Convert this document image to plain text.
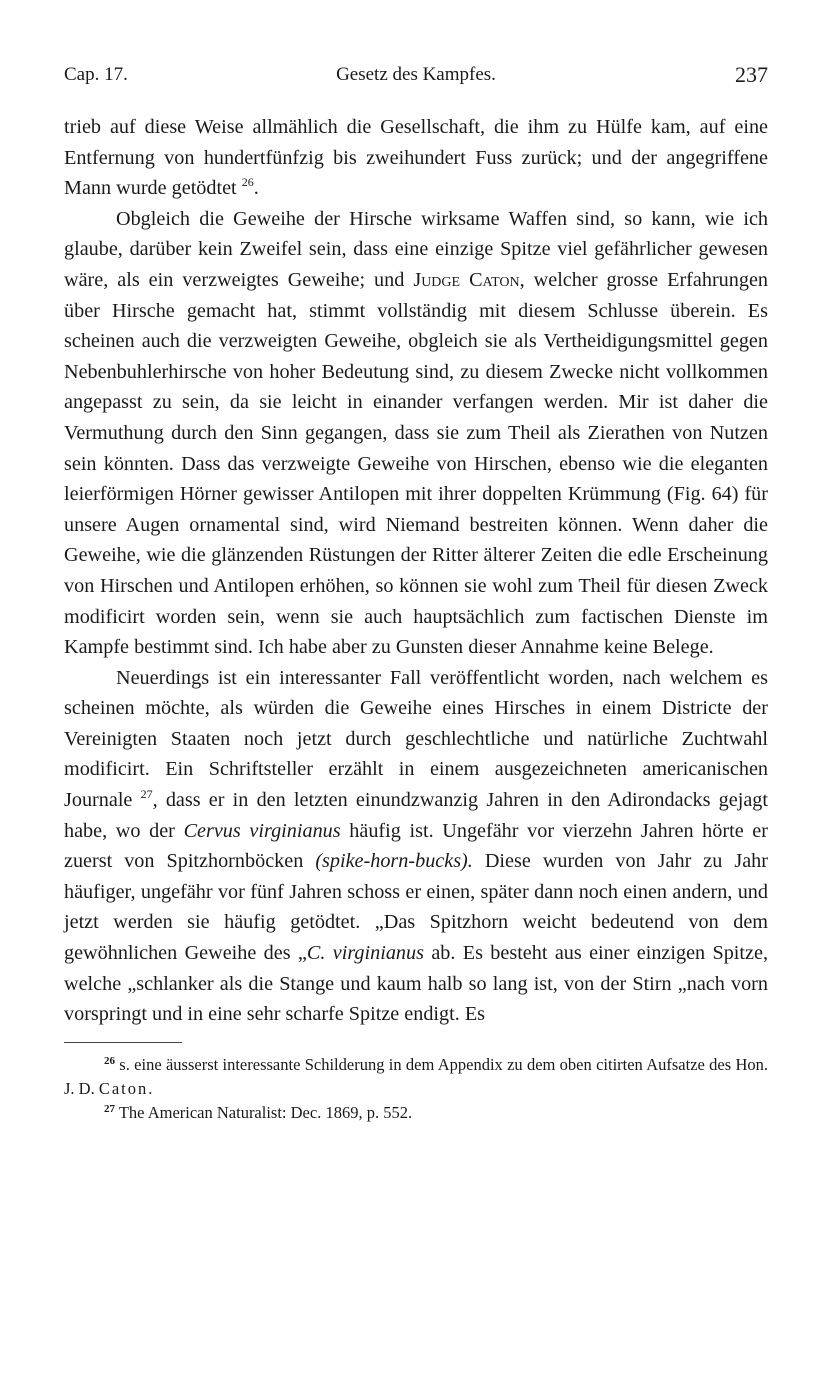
Cap. 17.	Gesetz des Kampfes.	237

trieb auf diese Weise allmählich die Gesellschaft, die ihm zu Hülfe kam, auf eine Entfernung von hundertfünfzig bis zweihundert Fuss zurück; und der angegriffene Mann wurde getödtet $^{26}$.

Obgleich die Geweihe der Hirsche wirksame Waffen sind, so kann, wie ich glaube, darüber kein Zweifel sein, dass eine einzige Spitze viel gefährlicher gewesen wäre, als ein verzweigtes Geweihe; und Judge Caton, welcher grosse Erfahrungen über Hirsche gemacht hat, stimmt vollständig mit diesem Schlusse überein. Es scheinen auch die verzweigten Geweihe, obgleich sie als Vertheidigungsmittel gegen Nebenbuhlerhirsche von hoher Bedeutung sind, zu diesem Zwecke nicht vollkommen angepasst zu sein, da sie leicht in einander verfangen werden. Mir ist daher die Vermuthung durch den Sinn gegangen, dass sie zum Theil als Zierathen von Nutzen sein könnten. Dass das verzweigte Geweihe von Hirschen, ebenso wie die eleganten leierförmigen Hörner gewisser Antilopen mit ihrer doppelten Krümmung (Fig. 64) für unsere Augen ornamental sind, wird Niemand bestreiten können. Wenn daher die Geweihe, wie die glänzenden Rüstungen der Ritter älterer Zeiten die edle Erscheinung von Hirschen und Antilopen erhöhen, so können sie wohl zum Theil für diesen Zweck modificirt worden sein, wenn sie auch hauptsächlich zum factischen Dienste im Kampfe bestimmt sind. Ich habe aber zu Gunsten dieser Annahme keine Belege.

Neuerdings ist ein interessanter Fall veröffentlicht worden, nach welchem es scheinen möchte, als würden die Geweihe eines Hirsches in einem Districte der Vereinigten Staaten noch jetzt durch geschlechtliche und natürliche Zuchtwahl modificirt. Ein Schriftsteller erzählt in einem ausgezeichneten americanischen Journale $^{27}$, dass er in den letzten einundzwanzig Jahren in den Adirondacks gejagt habe, wo der Cervus virginianus häufig ist. Ungefähr vor vierzehn Jahren hörte er zuerst von Spitzhornböcken (spike-horn-bucks). Diese wurden von Jahr zu Jahr häufiger, ungefähr vor fünf Jahren schoss er einen, später dann noch einen andern, und jetzt werden sie häufig getödtet. „Das Spitzhorn weicht bedeutend von dem gewöhnlichen Geweihe des „C. virginianus ab. Es besteht aus einer einzigen Spitze, welche „schlanker als die Stange und kaum halb so lang ist, von der Stirn „nach vorn vorspringt und in eine sehr scharfe Spitze endigt. Es

$^{26}$ s. eine äusserst interessante Schilderung in dem Appendix zu dem oben citirten Aufsatze des Hon. J. D. Caton.

$^{27}$ The American Naturalist: Dec. 1869, p. 552.
